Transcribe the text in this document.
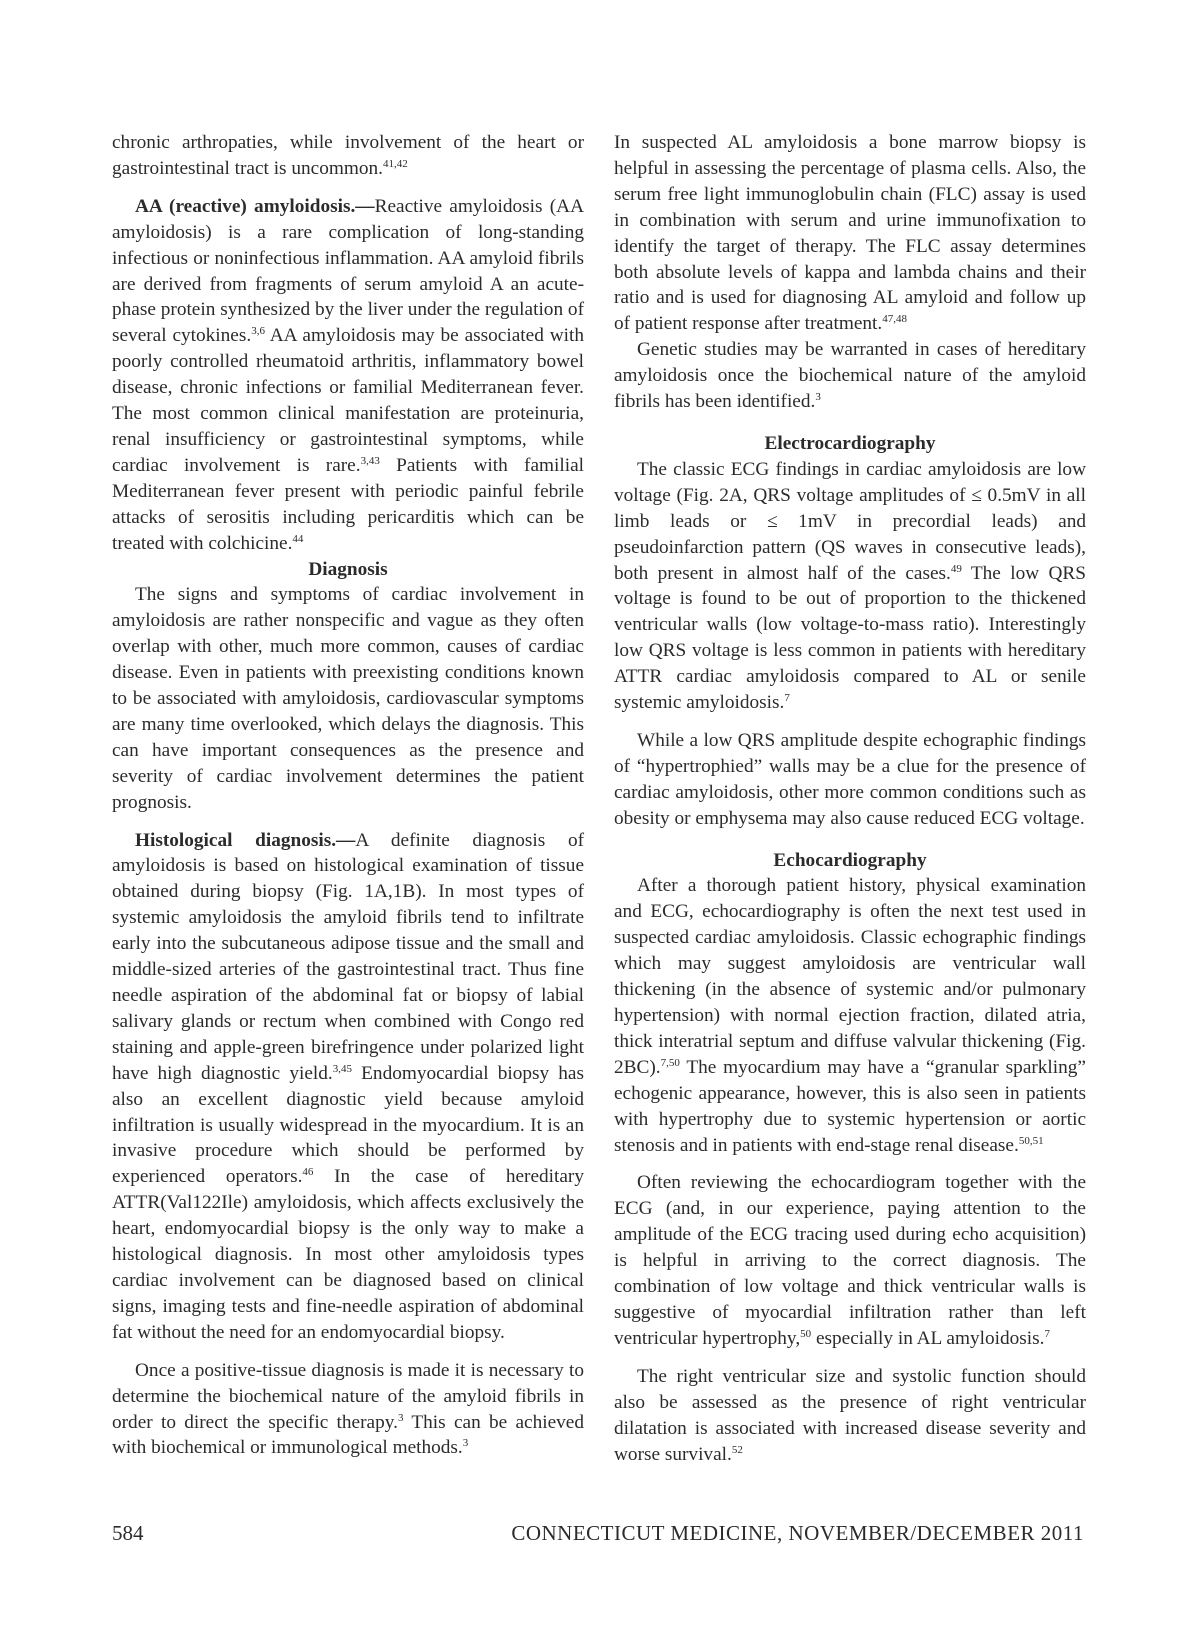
chronic arthropaties, while involvement of the heart or gastrointestinal tract is uncommon.$^{41,42}$

AA (reactive) amyloidosis.—Reactive amyloidosis (AA amyloidosis) is a rare complication of long-standing infectious or noninfectious inflammation. AA amyloid fibrils are derived from fragments of serum amyloid A an acute-phase protein synthesized by the liver under the regulation of several cytokines.$^{3,6}$ AA amyloidosis may be associated with poorly controlled rheumatoid arthritis, inflammatory bowel disease, chronic infections or familial Mediterranean fever. The most common clinical manifestation are proteinuria, renal insufficiency or gastrointestinal symptoms, while cardiac involvement is rare.$^{3,43}$ Patients with familial Mediterranean fever present with periodic painful febrile attacks of serositis including pericarditis which can be treated with colchicine.$^{44}$

Diagnosis

The signs and symptoms of cardiac involvement in amyloidosis are rather nonspecific and vague as they often overlap with other, much more common, causes of cardiac disease. Even in patients with preexisting conditions known to be associated with amyloidosis, cardiovascular symptoms are many time overlooked, which delays the diagnosis. This can have important consequences as the presence and severity of cardiac involvement determines the patient prognosis.

Histological diagnosis.—A definite diagnosis of amyloidosis is based on histological examination of tissue obtained during biopsy (Fig. 1A,1B). In most types of systemic amyloidosis the amyloid fibrils tend to infiltrate early into the subcutaneous adipose tissue and the small and middle-sized arteries of the gastrointestinal tract. Thus fine needle aspiration of the abdominal fat or biopsy of labial salivary glands or rectum when combined with Congo red staining and apple-green birefringence under polarized light have high diagnostic yield.$^{3,45}$ Endomyocardial biopsy has also an excellent diagnostic yield because amyloid infiltration is usually widespread in the myocardium. It is an invasive procedure which should be performed by experienced operators.$^{46}$ In the case of hereditary ATTR(Val122Ile) amyloidosis, which affects exclusively the heart, endomyocardial biopsy is the only way to make a histological diagnosis. In most other amyloidosis types cardiac involvement can be diagnosed based on clinical signs, imaging tests and fine-needle aspiration of abdominal fat without the need for an endomyocardial biopsy.

Once a positive-tissue diagnosis is made it is necessary to determine the biochemical nature of the amyloid fibrils in order to direct the specific therapy.$^3$ This can be achieved with biochemical or immunological methods.$^3$

In suspected AL amyloidosis a bone marrow biopsy is helpful in assessing the percentage of plasma cells. Also, the serum free light immunoglobulin chain (FLC) assay is used in combination with serum and urine immunofixation to identify the target of therapy. The FLC assay determines both absolute levels of kappa and lambda chains and their ratio and is used for diagnosing AL amyloid and follow up of patient response after treatment.$^{47,48}$

Genetic studies may be warranted in cases of hereditary amyloidosis once the biochemical nature of the amyloid fibrils has been identified.$^3$

Electrocardiography

The classic ECG findings in cardiac amyloidosis are low voltage (Fig. 2A, QRS voltage amplitudes of ≤ 0.5mV in all limb leads or ≤ 1mV in precordial leads) and pseudoinfarction pattern (QS waves in consecutive leads), both present in almost half of the cases.$^{49}$ The low QRS voltage is found to be out of proportion to the thickened ventricular walls (low voltage-to-mass ratio). Interestingly low QRS voltage is less common in patients with hereditary ATTR cardiac amyloidosis compared to AL or senile systemic amyloidosis.$^7$

While a low QRS amplitude despite echographic findings of “hypertrophied” walls may be a clue for the presence of cardiac amyloidosis, other more common conditions such as obesity or emphysema may also cause reduced ECG voltage.

Echocardiography

After a thorough patient history, physical examination and ECG, echocardiography is often the next test used in suspected cardiac amyloidosis. Classic echographic findings which may suggest amyloidosis are ventricular wall thickening (in the absence of systemic and/or pulmonary hypertension) with normal ejection fraction, dilated atria, thick interatrial septum and diffuse valvular thickening (Fig. 2BC).$^{7,50}$ The myocardium may have a “granular sparkling” echogenic appearance, however, this is also seen in patients with hypertrophy due to systemic hypertension or aortic stenosis and in patients with end-stage renal disease.$^{50,51}$

Often reviewing the echocardiogram together with the ECG (and, in our experience, paying attention to the amplitude of the ECG tracing used during echo acquisition) is helpful in arriving to the correct diagnosis. The combination of low voltage and thick ventricular walls is suggestive of myocardial infiltration rather than left ventricular hypertrophy,$^{50}$ especially in AL amyloidosis.$^7$

The right ventricular size and systolic function should also be assessed as the presence of right ventricular dilatation is associated with increased disease severity and worse survival.$^{52}$

584	CONNECTICUT MEDICINE, NOVEMBER/DECEMBER 2011
